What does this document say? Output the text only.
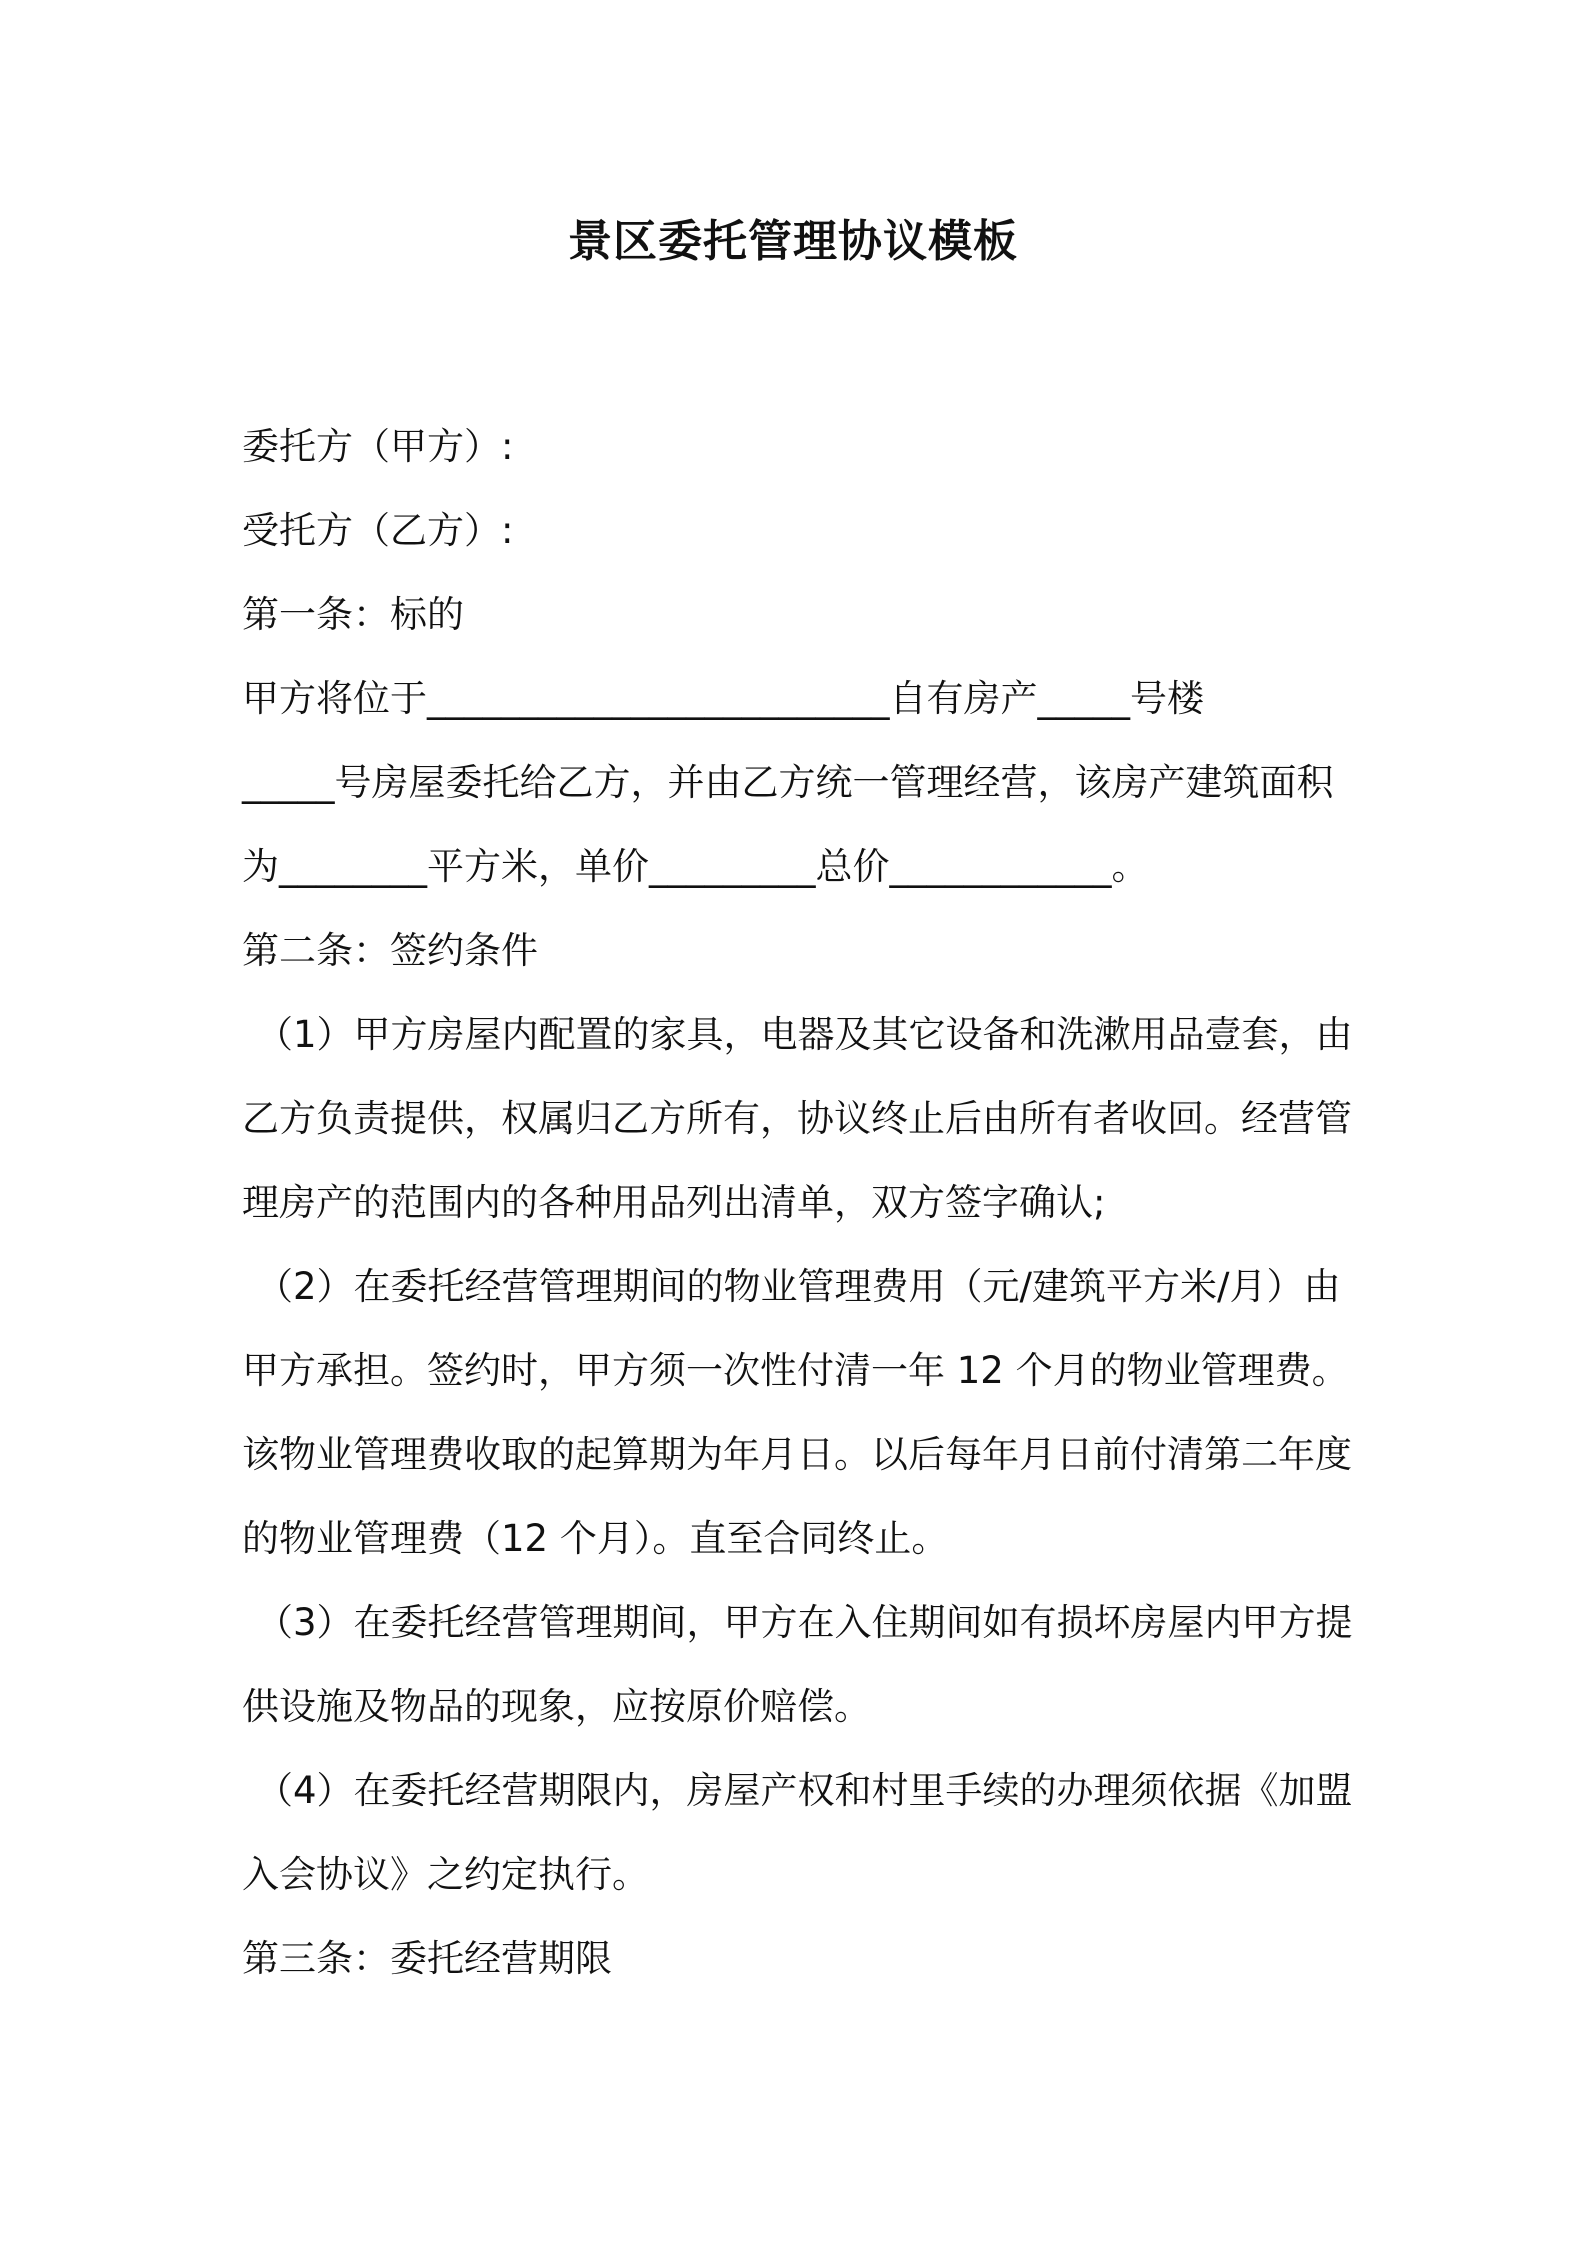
景区委托管理协议模板
委托方（甲方）:
受托方（乙方）:
第一条：标的
甲方将位于_________________________自有房产_____号楼
_____号房屋委托给乙方，并由乙方统一管理经营，该房产建筑面积
为________平方米，单价_________总价____________。
第二条：签约条件
（1）甲方房屋内配置的家具，电器及其它设备和洗漱用品壹套，由
乙方负责提供，权属归乙方所有，协议终止后由所有者收回。经营管
理房产的范围内的各种用品列出清单，双方签字确认;
（2）在委托经营管理期间的物业管理费用（元/建筑平方米/月）由
甲方承担。签约时，甲方须一次性付清一年 12 个月的物业管理费。
该物业管理费收取的起算期为年月日。以后每年月日前付清第二年度
的物业管理费（12 个月）。直至合同终止。
（3）在委托经营管理期间，甲方在入住期间如有损坏房屋内甲方提
供设施及物品的现象，应按原价赔偿。
（4）在委托经营期限内，房屋产权和村里手续的办理须依据《加盟
入会协议》之约定执行。
第三条：委托经营期限
